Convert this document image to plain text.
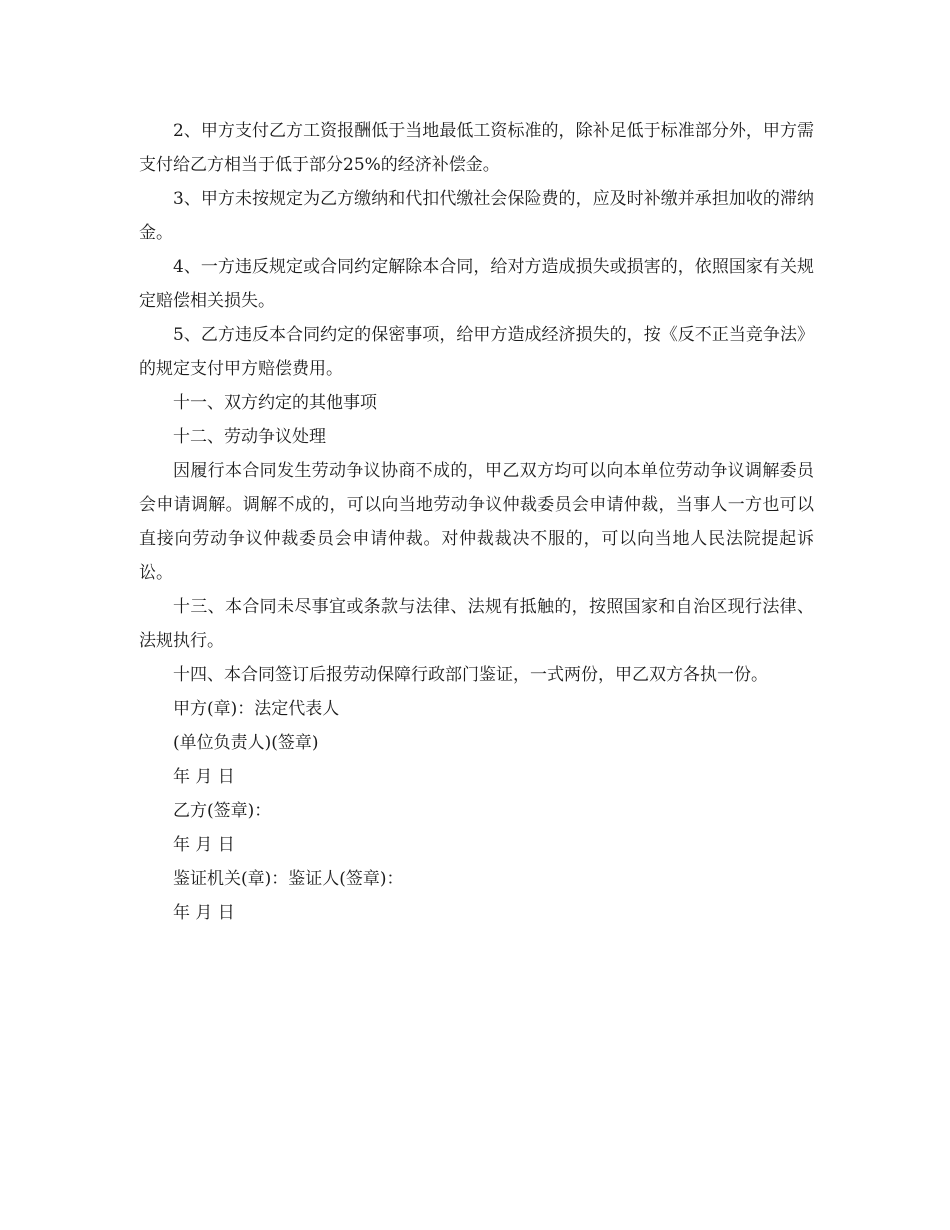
2、甲方支付乙方工资报酬低于当地最低工资标准的，除补足低于标准部分外，甲方需支付给乙方相当于低于部分25%的经济补偿金。

3、甲方未按规定为乙方缴纳和代扣代缴社会保险费的，应及时补缴并承担加收的滞纳金。

4、一方违反规定或合同约定解除本合同，给对方造成损失或损害的，依照国家有关规定赔偿相关损失。

5、乙方违反本合同约定的保密事项，给甲方造成经济损失的，按《反不正当竞争法》的规定支付甲方赔偿费用。

十一、双方约定的其他事项

十二、劳动争议处理

因履行本合同发生劳动争议协商不成的，甲乙双方均可以向本单位劳动争议调解委员会申请调解。调解不成的，可以向当地劳动争议仲裁委员会申请仲裁，当事人一方也可以直接向劳动争议仲裁委员会申请仲裁。对仲裁裁决不服的，可以向当地人民法院提起诉讼。

十三、本合同未尽事宜或条款与法律、法规有抵触的，按照国家和自治区现行法律、法规执行。

十四、本合同签订后报劳动保障行政部门鉴证，一式两份，甲乙双方各执一份。

甲方(章)：法定代表人

(单位负责人)(签章)

年 月 日

乙方(签章)：

年 月 日

鉴证机关(章)：鉴证人(签章)：

年 月 日
